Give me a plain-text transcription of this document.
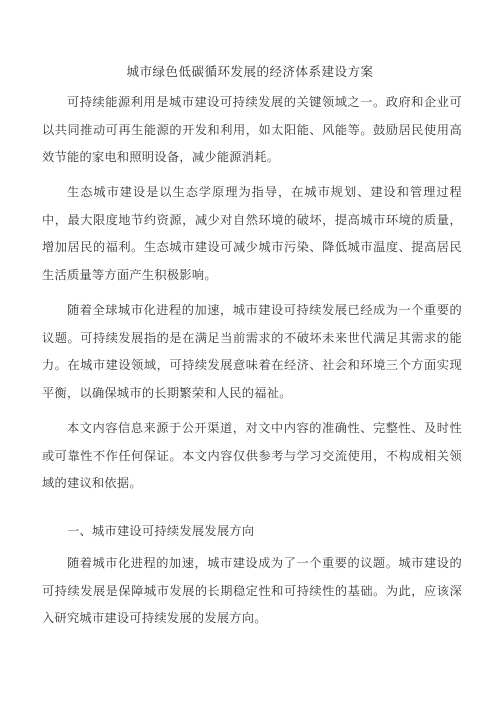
城市绿色低碳循环发展的经济体系建设方案

可持续能源利用是城市建设可持续发展的关键领域之一。政府和企业可以共同推动可再生能源的开发和利用，如太阳能、风能等。鼓励居民使用高效节能的家电和照明设备，减少能源消耗。

生态城市建设是以生态学原理为指导，在城市规划、建设和管理过程中，最大限度地节约资源，减少对自然环境的破坏，提高城市环境的质量，增加居民的福利。生态城市建设可减少城市污染、降低城市温度、提高居民生活质量等方面产生积极影响。

随着全球城市化进程的加速，城市建设可持续发展已经成为一个重要的议题。可持续发展指的是在满足当前需求的不破坏未来世代满足其需求的能力。在城市建设领域，可持续发展意味着在经济、社会和环境三个方面实现平衡，以确保城市的长期繁荣和人民的福祉。

本文内容信息来源于公开渠道，对文中内容的准确性、完整性、及时性或可靠性不作任何保证。本文内容仅供参考与学习交流使用，不构成相关领域的建议和依据。

一、城市建设可持续发展发展方向

随着城市化进程的加速，城市建设成为了一个重要的议题。城市建设的可持续发展是保障城市发展的长期稳定性和可持续性的基础。为此，应该深入研究城市建设可持续发展的发展方向。
